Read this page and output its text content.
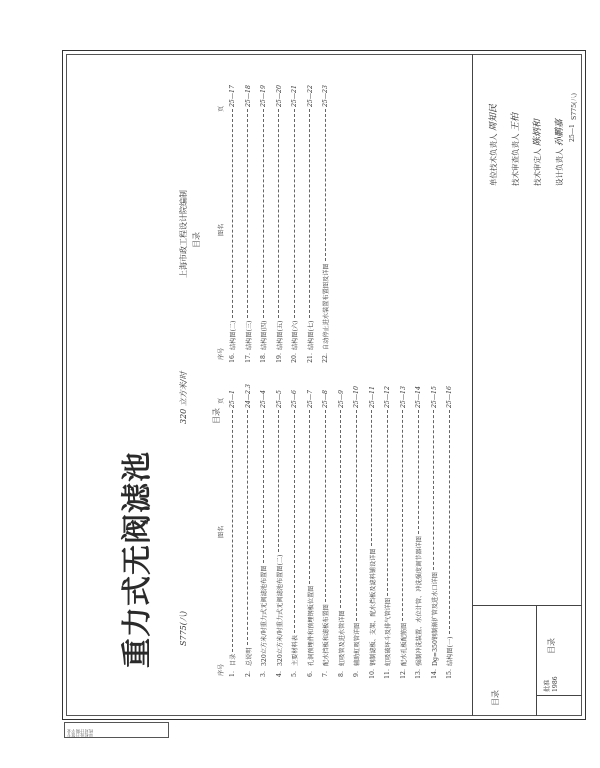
专业 签字 日期 设计 校对 审核
重力式无阀滤池	S775(八)
320 立方米/时
上海市政工程设计院编制
目录
目录
序号
图名
页
序号
图名
页
1.
目录
25—1
2.
总说明
24—2.3
3.
320立方米/时重力式无阀滤池布置图
25—4
4.
320立方米/时重力式无阀滤池布置图(二)
25—5
5.
主要材料表
25—6
6.
孔洞预埋件和预埋钢板位置图
25—7
7.
配水挡板和滤板布置图
25—8
8.
虹吸管及进水管详图
25—9
9.
辅助虹吸管详图
25—10
10.
钢制滤板、支架、配水挡板及滤料铺设详图
25—11
11.
虹吸破坏斗及排气管详图
25—12
12.
配水孔板配筋图
25—13
13.
强制冲洗装置、水位计管、冲洗强度调节器详图
25—14
14.
Dg=350钢制渐扩管及进水口详图
25—15
15.
结构图(一)
25—16
16.
结构图(二)
25—17
17.
结构图(三)
25—18
18.
结构图(四)
25—19
19.
结构图(五)
25—20
20.
结构图(六)
25—21
21.
结构图(七)
25—22
22.
自动停止进水装置布置图及详图
25—23
单位技术负责人 周知民
技术审查负责人 王柏
技术审定人 陈炳和
设计负责人 孙鹏嘉
批准 1986
目录
目录
S775(八)
25—1
